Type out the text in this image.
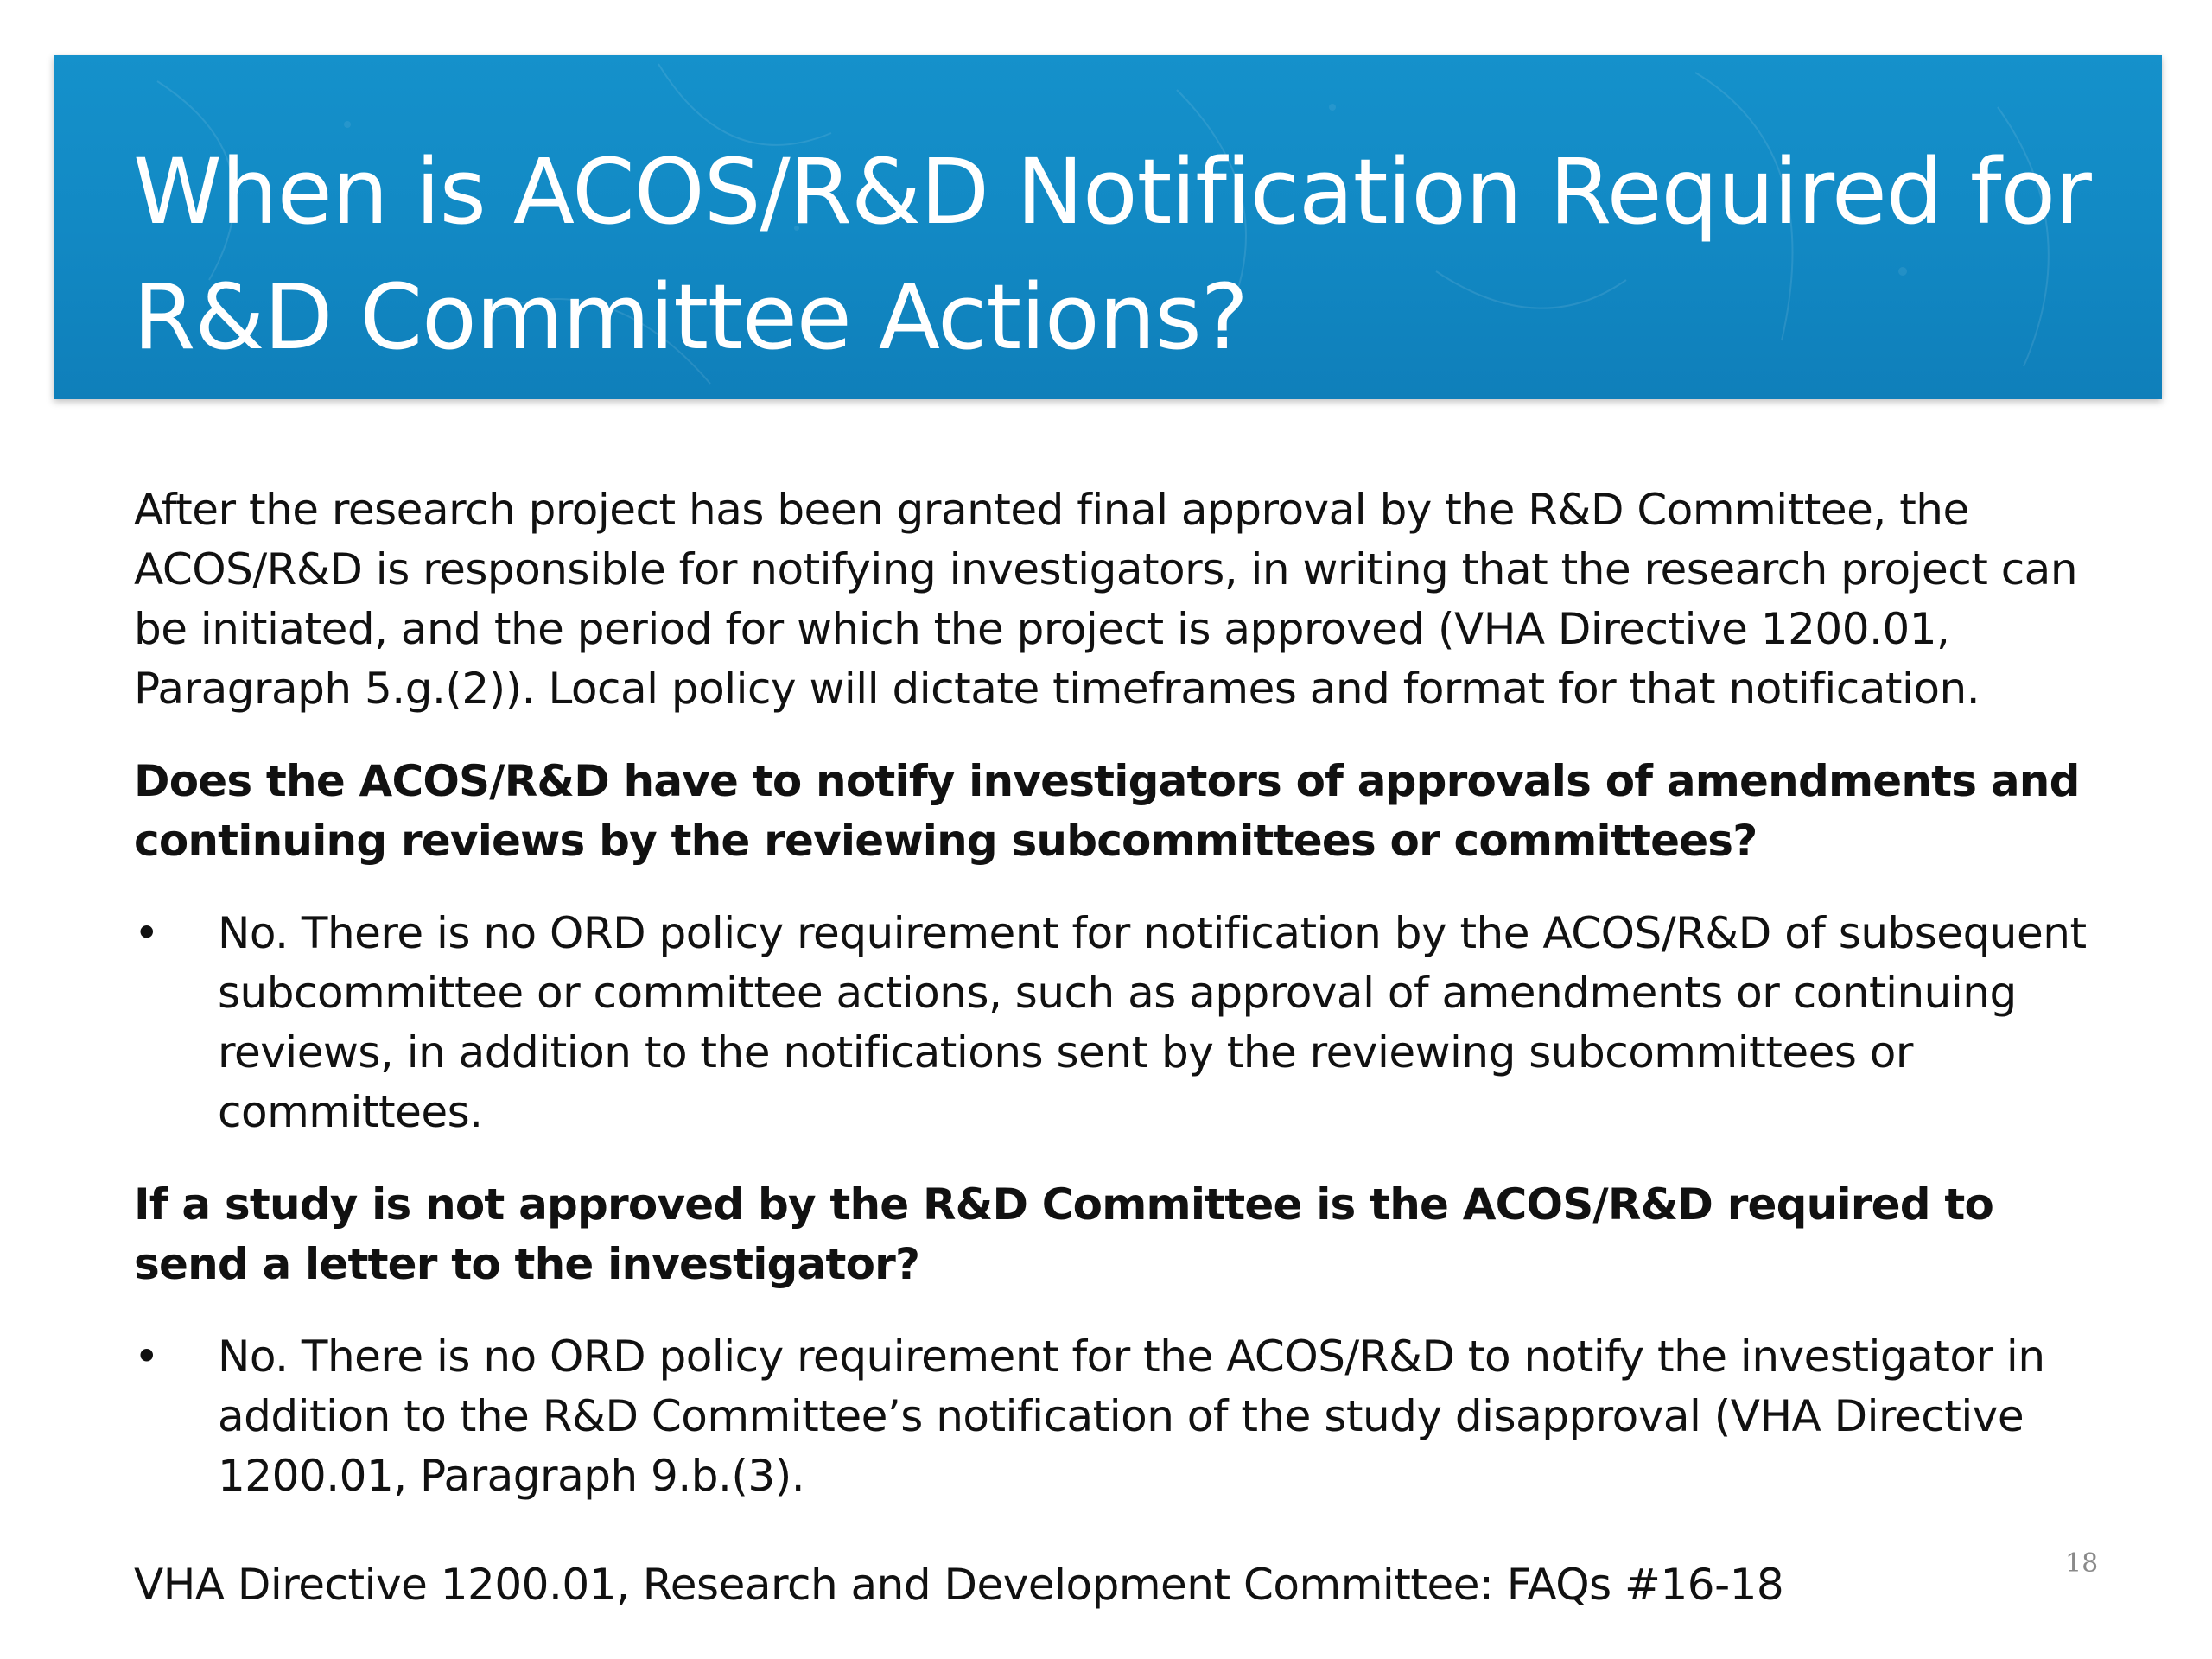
When is ACOS/R&D Notification Required for R&D Committee Actions?

After the research project has been granted final approval by the R&D Committee, the ACOS/R&D is responsible for notifying investigators, in writing that the research project can be initiated, and the period for which the project is approved (VHA Directive 1200.01, Paragraph 5.g.(2)). Local policy will dictate timeframes and format for that notification.

Does the ACOS/R&D have to notify investigators of approvals of amendments and continuing reviews by the reviewing subcommittees or committees?

•	No. There is no ORD policy requirement for notification by the ACOS/R&D of subsequent subcommittee or committee actions, such as approval of amendments or continuing reviews, in addition to the notifications sent by the reviewing subcommittees or committees.

If a study is not approved by the R&D Committee is the ACOS/R&D required to send a letter to the investigator?

•	No. There is no ORD policy requirement for the ACOS/R&D to notify the investigator in addition to the R&D Committee’s notification of the study disapproval (VHA Directive 1200.01, Paragraph 9.b.(3).

VHA Directive 1200.01, Research and Development Committee: FAQs #16-18	18
